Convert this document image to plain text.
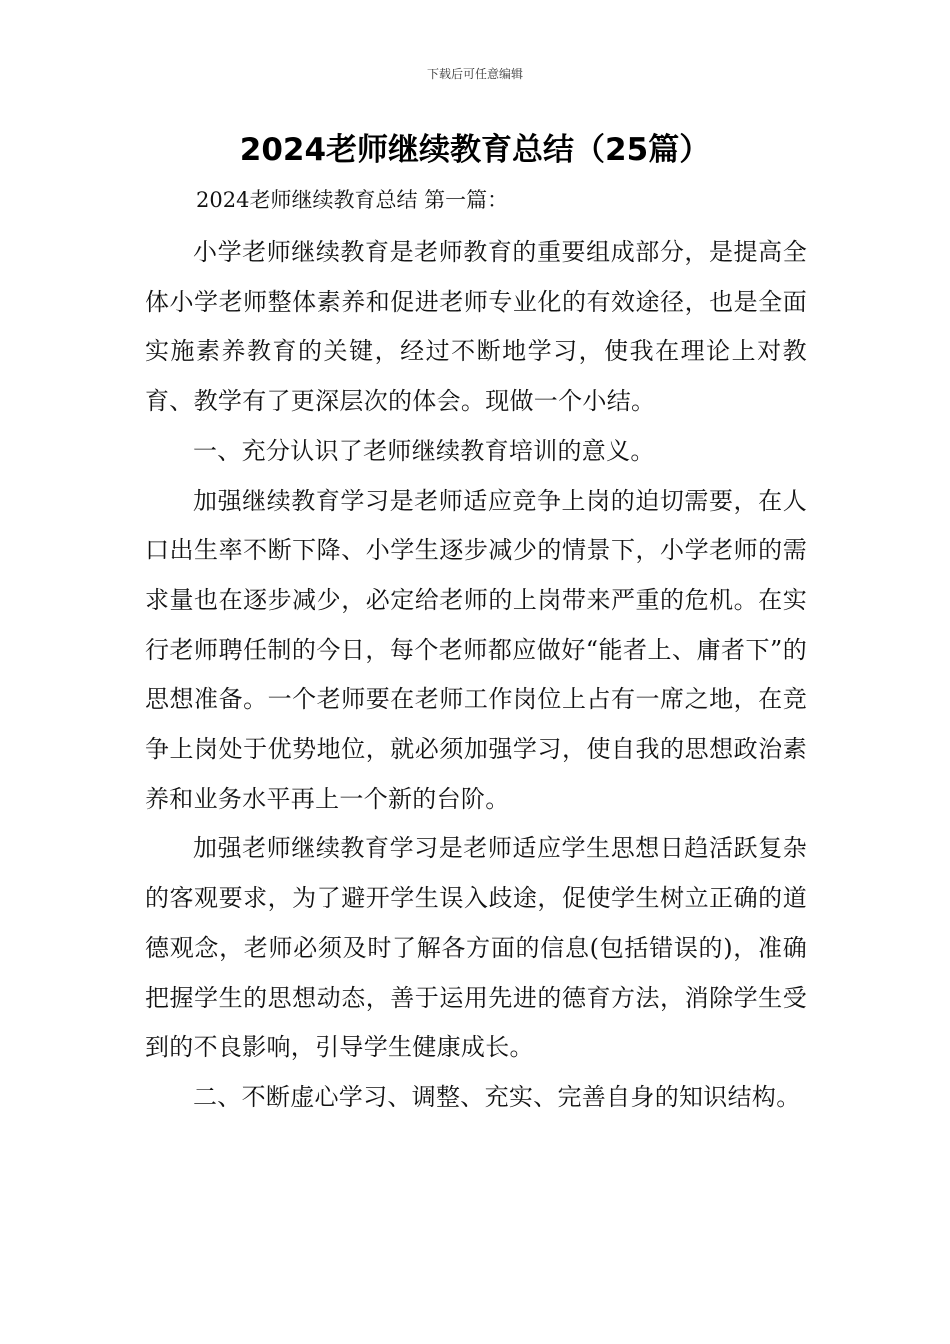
下载后可任意编辑
2024老师继续教育总结（25篇）

2024老师继续教育总结 第一篇：

小学老师继续教育是老师教育的重要组成部分，是提高全体小学老师整体素养和促进老师专业化的有效途径，也是全面实施素养教育的关键，经过不断地学习，使我在理论上对教育、教学有了更深层次的体会。现做一个小结。

一、充分认识了老师继续教育培训的意义。

加强继续教育学习是老师适应竞争上岗的迫切需要，在人口出生率不断下降、小学生逐步减少的情景下，小学老师的需求量也在逐步减少，必定给老师的上岗带来严重的危机。在实行老师聘任制的今日，每个老师都应做好“能者上、庸者下”的思想准备。一个老师要在老师工作岗位上占有一席之地，在竞争上岗处于优势地位，就必须加强学习，使自我的思想政治素养和业务水平再上一个新的台阶。

加强老师继续教育学习是老师适应学生思想日趋活跃复杂的客观要求，为了避开学生误入歧途，促使学生树立正确的道德观念，老师必须及时了解各方面的信息(包括错误的)，准确把握学生的思想动态，善于运用先进的德育方法，消除学生受到的不良影响，引导学生健康成长。

二、不断虚心学习、调整、充实、完善自身的知识结构。
